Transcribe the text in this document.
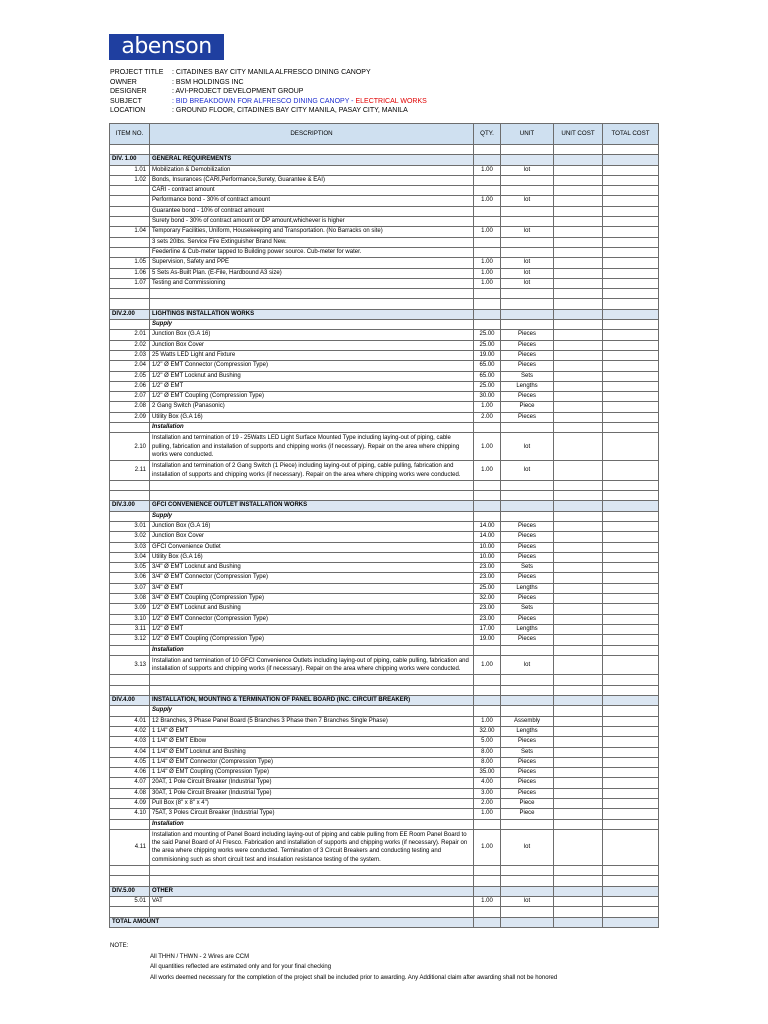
abenson
PROJECT TITLE	: CITADINES BAY CITY MANILA ALFRESCO DINING CANOPY
OWNER	: BSM HOLDINGS INC
DESIGNER	: AVI-PROJECT DEVELOPMENT GROUP
SUBJECT	: BID BREAKDOWN FOR ALFRESCO DINING CANOPY -
ELECTRICAL WORKS
LOCATION	: GROUND FLOOR, CITADINES BAY CITY MANILA, PASAY CITY, MANILA
ITEM NO.	DESCRIPTION	QTY.	UNIT	UNIT COST	TOTAL COST

DIV. 1.00	GENERAL REQUIREMENTS				
1.01	Mobilization & Demobilization	1.00	lot		
1.02	Bonds, Insurances (CARI,Performance,Surety, Guarantee & EAI)				
	CARI - contract amount				
	Performance bond - 30% of contract amount	1.00	lot		
	Guarantee bond - 10% of contract amount				
	Surety bond - 30% of contract amount or DP amount,whichever is higher				
1.04	Temporary Facilities, Uniform, Housekeeping and Transportation. (No Barracks on site)	1.00	lot		
	3 sets 20lbs. Service Fire Extinguisher Brand New.				
	Feederline & Cub-meter tapped to Building power source. Cub-meter for water.				
1.05	Supervision, Safety and PPE	1.00	lot		
1.06	5 Sets As-Built Plan. (E-File, Hardbound A3 size)	1.00	lot		
1.07	Testing and Commissioning	1.00	lot		

DIV.2.00	LIGHTINGS INSTALLATION WORKS				
	Supply				
2.01	Junction Box (G.A 16)	25.00	Pieces		
2.02	Junction Box Cover	25.00	Pieces		
2.03	25 Watts LED Light and Fixture	19.00	Pieces		
2.04	1/2" Ø EMT Connector (Compression Type)	65.00	Pieces		
2.05	1/2" Ø EMT Locknut and Bushing	65.00	Sets		
2.06	1/2" Ø EMT	25.00	Lengths		
2.07	1/2" Ø EMT Coupling (Compression Type)	30.00	Pieces		
2.08	2 Gang Switch (Panasonic)	1.00	Piece		
2.09	Utility Box (G.A 16)	2.00	Pieces		
	Installation				
2.10	Installation and termination of 19 - 25Watts LED Light Surface Mounted Type including laying-out of piping, cable pulling, fabrication and installation of supports and chipping works (if necessary). Repair on the area where chipping works were conducted.	1.00	lot		
2.11	Installation and termination of 2 Gang Switch (1 Piece) including laying-out of piping, cable pulling, fabrication and installation of supports and chipping works (if necessary). Repair on the area where chipping works were conducted.	1.00	lot		

DIV.3.00	GFCI CONVENIENCE OUTLET INSTALLATION WORKS				
	Supply				
3.01	Junction Box (G.A 16)	14.00	Pieces		
3.02	Junction Box Cover	14.00	Pieces		
3.03	GFCI Convenience Outlet	10.00	Pieces		
3.04	Utility Box (G.A 16)	10.00	Pieces		
3.05	3/4" Ø EMT Locknut and Bushing	23.00	Sets		
3.06	3/4" Ø EMT Connector (Compression Type)	23.00	Pieces		
3.07	3/4" Ø EMT	25.00	Lengths		
3.08	3/4" Ø EMT Coupling (Compression Type)	32.00	Pieces		
3.09	1/2" Ø EMT Locknut and Bushing	23.00	Sets		
3.10	1/2" Ø EMT Connector (Compression Type)	23.00	Pieces		
3.11	1/2" Ø EMT	17.00	Lengths		
3.12	1/2" Ø EMT Coupling (Compression Type)	19.00	Pieces		
	Installation				
3.13	Installation and termination of 10 GFCI Convenience Outlets including laying-out of piping, cable pulling, fabrication and installation of supports and chipping works (if necessary). Repair on the area where chipping works were conducted.	1.00	lot		

DIV.4.00	INSTALLATION, MOUNTING & TERMINATION OF PANEL BOARD (INC. CIRCUIT BREAKER)				
	Supply				
4.01	12 Branches, 3 Phase Panel Board (5 Branches 3 Phase then 7 Branches Single Phase)	1.00	Assembly		
4.02	1 1/4" Ø EMT	32.00	Lengths		
4.03	1 1/4" Ø EMT Elbow	5.00	Pieces		
4.04	1 1/4" Ø EMT Locknut and Bushing	8.00	Sets		
4.05	1 1/4" Ø EMT Connector (Compression Type)	8.00	Pieces		
4.06	1 1/4" Ø EMT Coupling (Compression Type)	35.00	Pieces		
4.07	20AT, 1 Pole Circuit Breaker (Industrial Type)	4.00	Pieces		
4.08	30AT, 1 Pole Circuit Breaker (Industrial Type)	3.00	Pieces		
4.09	Pull Box (8" x 8" x 4")	2.00	Piece		
4.10	75AT, 3 Poles Circuit Breaker (Industrial Type)	1.00	Piece		
	Installation				
4.11	Installation and mounting of Panel Board including laying-out of piping and cable pulling from EE Room Panel Board to the said Panel Board of Al Fresco. Fabrication and installation of supports and chipping works (if necessary). Repair on the area where chipping works were conducted. Termination of 3 Circuit Breakers and conducting testing and commisioning such as short circuit test and insulation resistance testing of the system.	1.00	lot		

DIV.5.00	OTHER				
5.01	VAT	1.00	lot		

TOTAL AMOUNT					
NOTE:
All THHN / THWN - 2 Wires are CCM
All quantities reflected are estimated only and for your final checking
All works deemed necessary for the completion of the project shall be included prior to awarding. Any Additional claim after awarding shall not be honored
